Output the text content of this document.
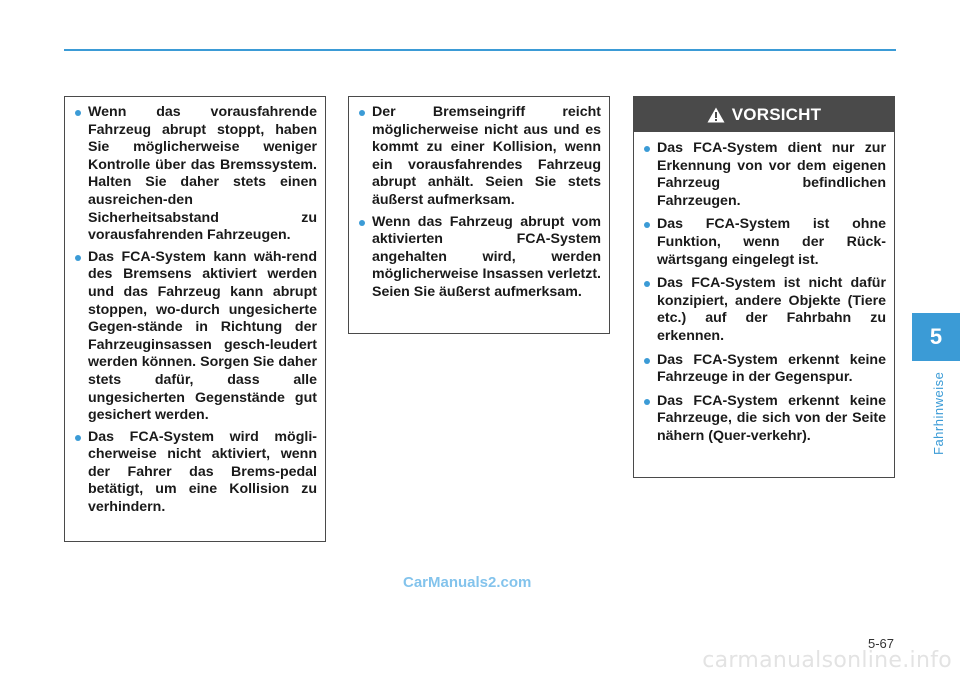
Wenn das vorausfahrende Fahrzeug abrupt stoppt, haben Sie möglicherweise weniger Kontrolle über das Bremssystem. Halten Sie daher stets einen ausreichen-den Sicherheitsabstand zu vorausfahrenden Fahrzeugen.
Das FCA-System kann wäh-rend des Bremsens aktiviert werden und das Fahrzeug kann abrupt stoppen, wo-durch ungesicherte Gegen-stände in Richtung der Fahrzeuginsassen gesch-leudert werden können. Sorgen Sie daher stets dafür, dass alle ungesicherten Gegenstände gut gesichert werden.
Das FCA-System wird mögli-cherweise nicht aktiviert, wenn der Fahrer das Brems-pedal betätigt, um eine Kollision zu verhindern.
Der Bremseingriff reicht möglicherweise nicht aus und es kommt zu einer Kollision, wenn ein vorausfahrendes Fahrzeug abrupt anhält. Seien Sie stets äußerst aufmerksam.
Wenn das Fahrzeug abrupt vom aktivierten FCA-System angehalten wird, werden möglicherweise Insassen verletzt. Seien Sie äußerst aufmerksam.
VORSICHT
Das FCA-System dient nur zur Erkennung von vor dem eigenen Fahrzeug befindlichen Fahrzeugen.
Das FCA-System ist ohne Funktion, wenn der Rück-wärtsgang eingelegt ist.
Das FCA-System ist nicht dafür konzipiert, andere Objekte (Tiere etc.) auf der Fahrbahn zu erkennen.
Das FCA-System erkennt keine Fahrzeuge in der Gegenspur.
Das FCA-System erkennt keine Fahrzeuge, die sich von der Seite nähern (Quer-verkehr).
5
Fahrhinweise
CarManuals2.com
5-67
carmanualsonline.info
